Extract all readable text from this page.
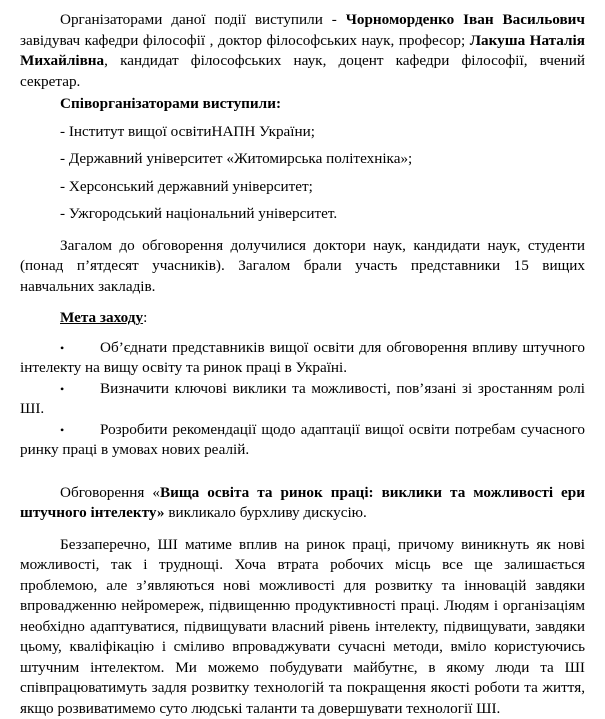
Організаторами даної події виступили - Чорноморденко Іван Васильович завідувач кафедри філософії , доктор філософських наук, професор; Лакуша Наталія Михайлівна, кандидат філософських наук, доцент кафедри філософії, вчений секретар.

Співорганізаторами виступили:

- Інститут вищої освітиНАПН України;

- Державний університет «Житомирська політехніка»;

- Херсонський державний університет;

- Ужгородський національний університет.

Загалом до обговорення долучилися доктори наук, кандидати наук, студенти (понад п’ятдесят учасників). Загалом брали участь представники 15 вищих навчальних закладів.

Мета заходу:

• Об’єднати представників вищої освіти для обговорення впливу штучного інтелекту на вищу освіту та ринок праці в Україні.

• Визначити ключові виклики та можливості, пов’язані зі зростанням ролі ШІ.

• Розробити рекомендації щодо адаптації вищої освіти потребам сучасного ринку праці в умовах нових реалій.

Обговорення «Вища освіта та ринок праці: виклики та можливості ери штучного інтелекту» викликало бурхливу дискусію.

Беззаперечно, ШІ матиме вплив на ринок праці, причому виникнуть як нові можливості, так і труднощі. Хоча втрата робочих місць все ще залишається проблемою, але з’являються нові можливості для розвитку та інновацій завдяки впровадженню нейромереж, підвищенню продуктивності праці. Людям і організаціям необхідно адаптуватися, підвищувати власний рівень інтелекту, підвищувати, завдяки цьому, кваліфікацію і сміливо впроваджувати сучасні методи, вміло користуючись штучним інтелектом. Ми можемо побудувати майбутнє, в якому люди та ШІ співпрацюватимуть задля розвитку технологій та покращення якості роботи та життя, якщо розвиватимемо суто людські таланти та довершувати технології ШІ.
